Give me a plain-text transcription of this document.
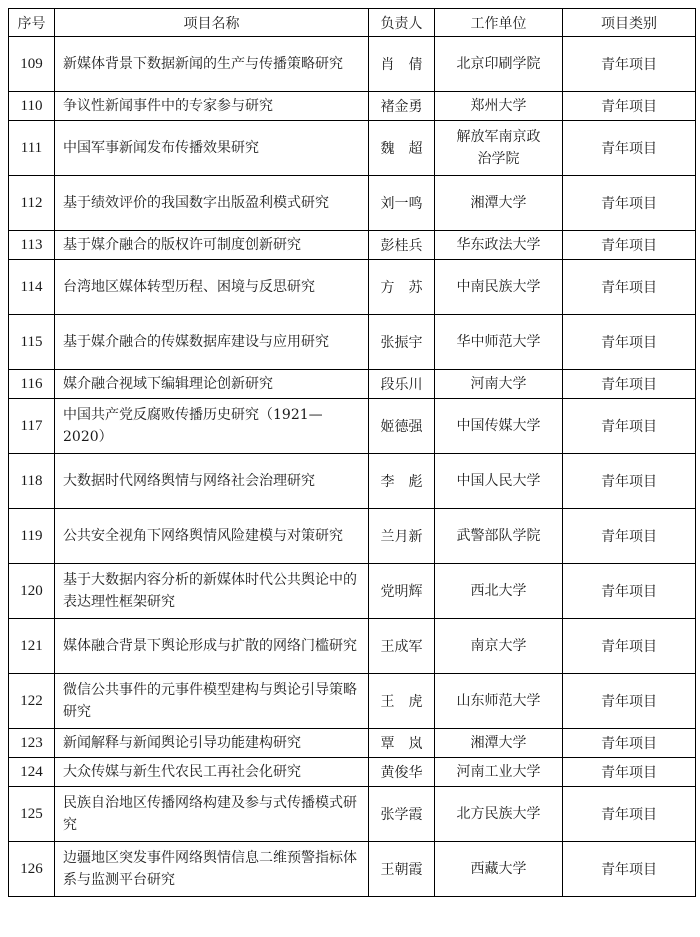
序号	项目名称	负责人	工作单位	项目类别
109	新媒体背景下数据新闻的生产与传播策略研究	肖　倩	北京印刷学院	青年项目
110	争议性新闻事件中的专家参与研究	褚金勇	郑州大学	青年项目
111	中国军事新闻发布传播效果研究	魏　超	解放军南京政治学院	青年项目
112	基于绩效评价的我国数字出版盈利模式研究	刘一鸣	湘潭大学	青年项目
113	基于媒介融合的版权许可制度创新研究	彭桂兵	华东政法大学	青年项目
114	台湾地区媒体转型历程、困境与反思研究	方　苏	中南民族大学	青年项目
115	基于媒介融合的传媒数据库建设与应用研究	张振宇	华中师范大学	青年项目
116	媒介融合视域下编辑理论创新研究	段乐川	河南大学	青年项目
117	中国共产党反腐败传播历史研究（1921—2020）	姬德强	中国传媒大学	青年项目
118	大数据时代网络舆情与网络社会治理研究	李　彪	中国人民大学	青年项目
119	公共安全视角下网络舆情风险建模与对策研究	兰月新	武警部队学院	青年项目
120	基于大数据内容分析的新媒体时代公共舆论中的表达理性框架研究	党明辉	西北大学	青年项目
121	媒体融合背景下舆论形成与扩散的网络门槛研究	王成军	南京大学	青年项目
122	微信公共事件的元事件模型建构与舆论引导策略研究	王　虎	山东师范大学	青年项目
123	新闻解释与新闻舆论引导功能建构研究	覃　岚	湘潭大学	青年项目
124	大众传媒与新生代农民工再社会化研究	黄俊华	河南工业大学	青年项目
125	民族自治地区传播网络构建及参与式传播模式研究	张学霞	北方民族大学	青年项目
126	边疆地区突发事件网络舆情信息二维预警指标体系与监测平台研究	王朝霞	西藏大学	青年项目
